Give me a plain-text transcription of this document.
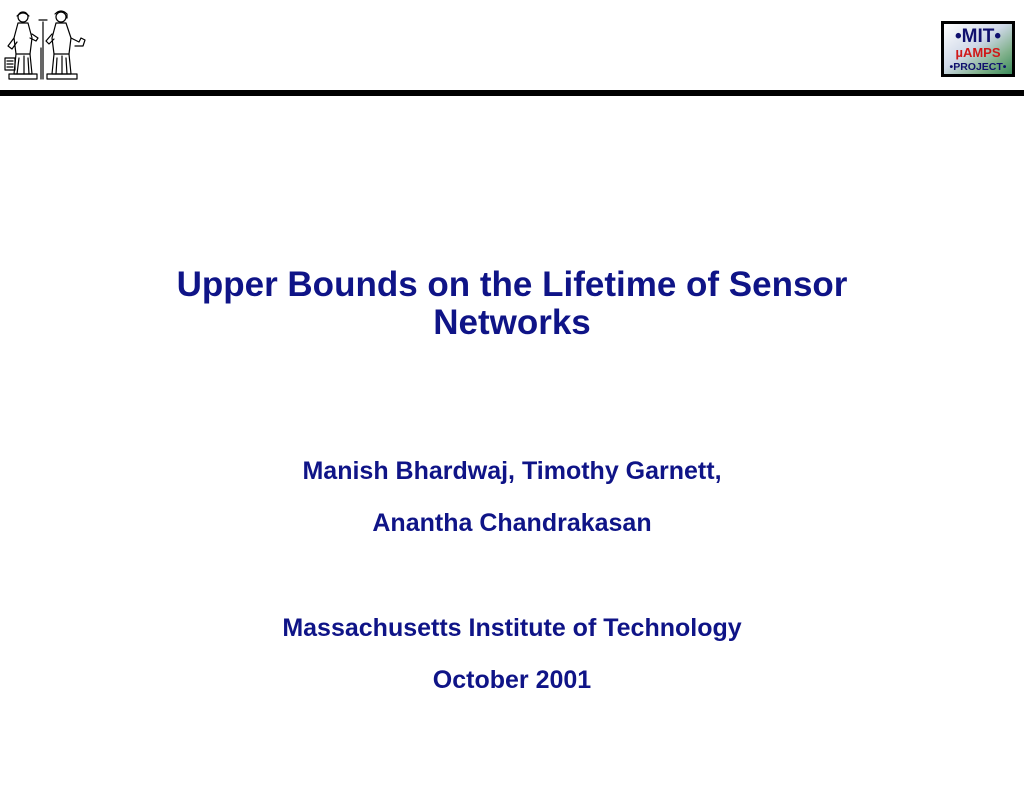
•MIT•
µAMPS
•PROJECT•
Upper Bounds on the Lifetime of Sensor
Networks
Manish Bhardwaj, Timothy Garnett,
Anantha Chandrakasan
Massachusetts Institute of Technology
October 2001
